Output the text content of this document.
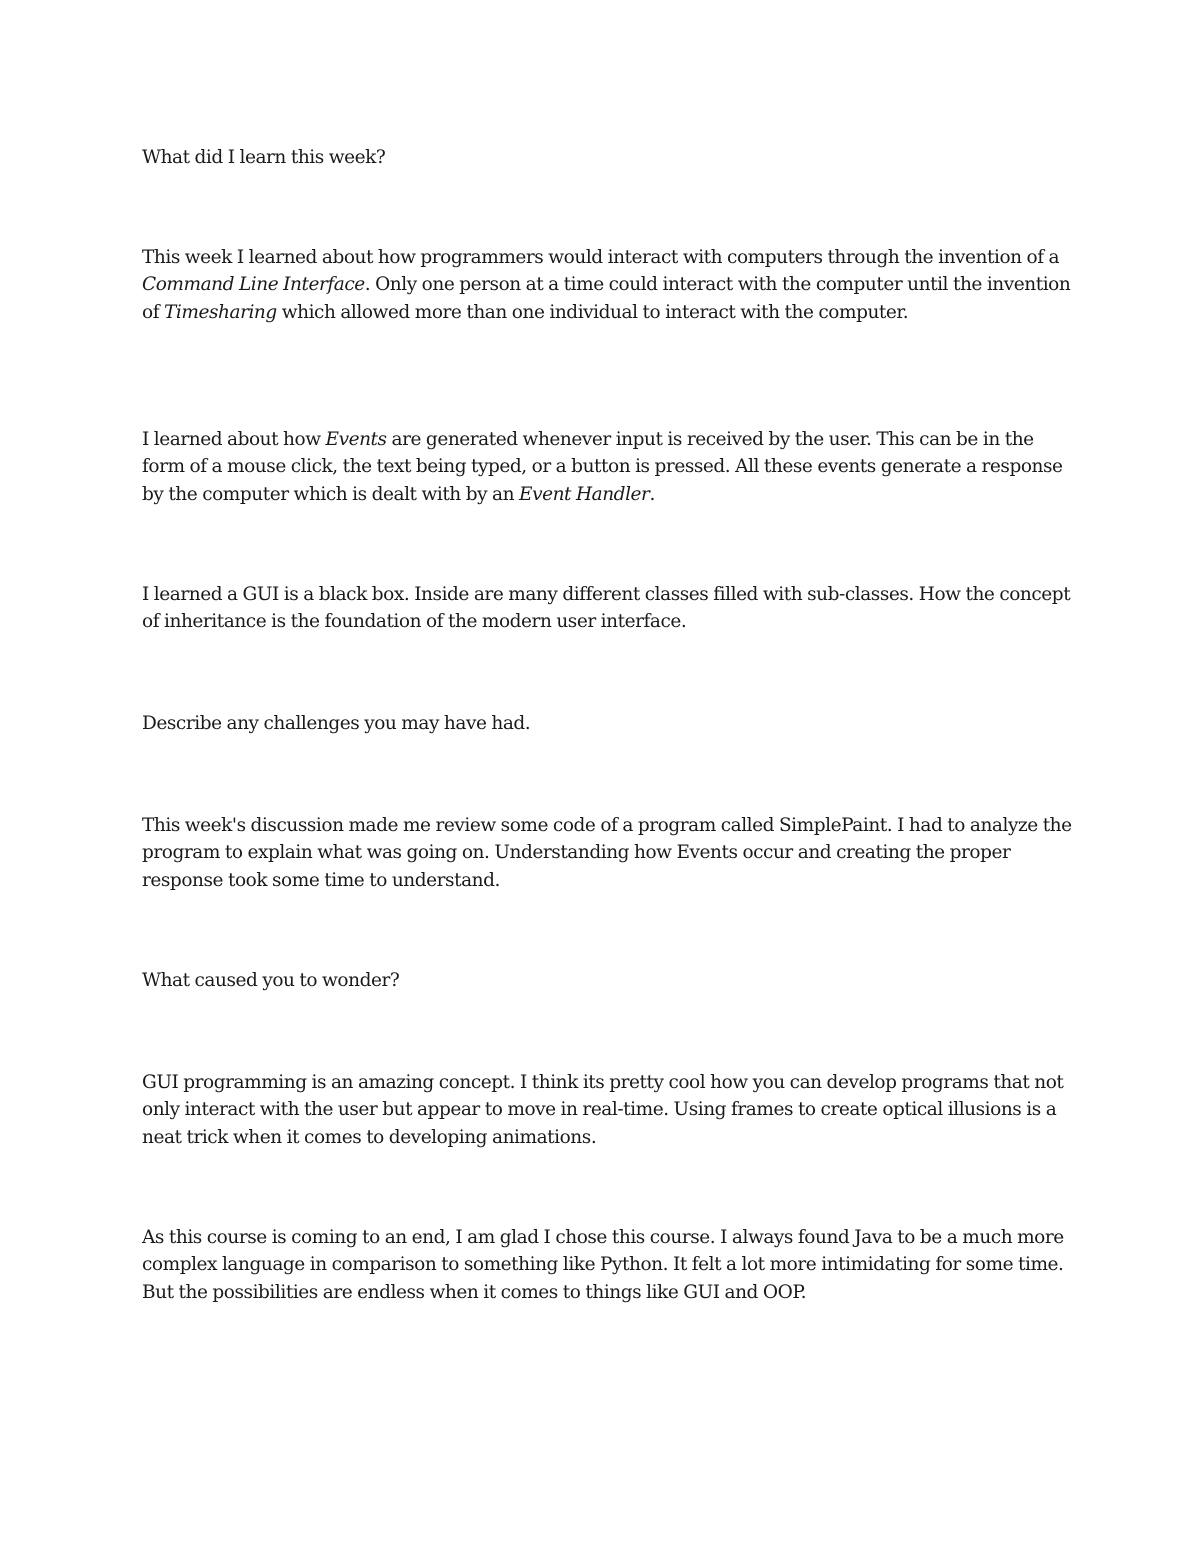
What did I learn this week?

This week I learned about how programmers would interact with computers through the invention of a Command Line Interface. Only one person at a time could interact with the computer until the invention of Timesharing which allowed more than one individual to interact with the computer.

I learned about how Events are generated whenever input is received by the user. This can be in the form of a mouse click, the text being typed, or a button is pressed. All these events generate a response by the computer which is dealt with by an Event Handler.

I learned a GUI is a black box. Inside are many different classes filled with sub-classes. How the concept of inheritance is the foundation of the modern user interface.

Describe any challenges you may have had.

This week's discussion made me review some code of a program called SimplePaint. I had to analyze the program to explain what was going on. Understanding how Events occur and creating the proper response took some time to understand.

What caused you to wonder?

GUI programming is an amazing concept. I think its pretty cool how you can develop programs that not only interact with the user but appear to move in real-time. Using frames to create optical illusions is a neat trick when it comes to developing animations.

As this course is coming to an end, I am glad I chose this course. I always found Java to be a much more complex language in comparison to something like Python. It felt a lot more intimidating for some time. But the possibilities are endless when it comes to things like GUI and OOP.
